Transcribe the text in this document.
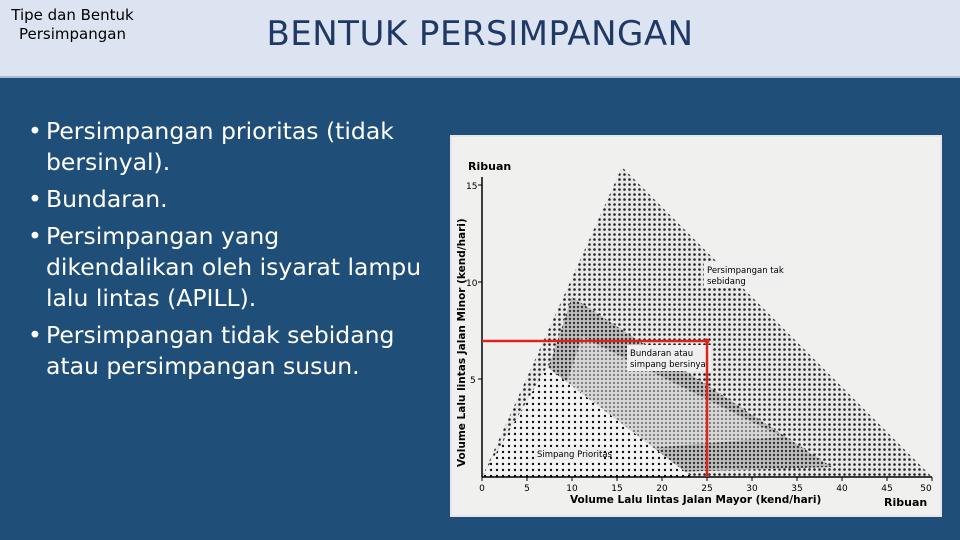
Tipe dan Bentuk Persimpangan	BENTUK PERSIMPANGAN
• Persimpangan prioritas (tidak bersinyal).
• Bundaran.
• Persimpangan yang dikendalikan oleh isyarat lampu lalu lintas (APILL).
• Persimpangan tidak sebidang atau persimpangan susun.
15
10
5
0	5	10	15	20	25	30	35	40	45	50
Ribuan
Volume Lalu lintas Jalan Minor (kend/hari)
Volume Lalu lintas Jalan Mayor (kend/hari)	Ribuan
Persimpangan tak
sebidang
Bundaran atau
simpang bersinyal
Simpang Prioritas
